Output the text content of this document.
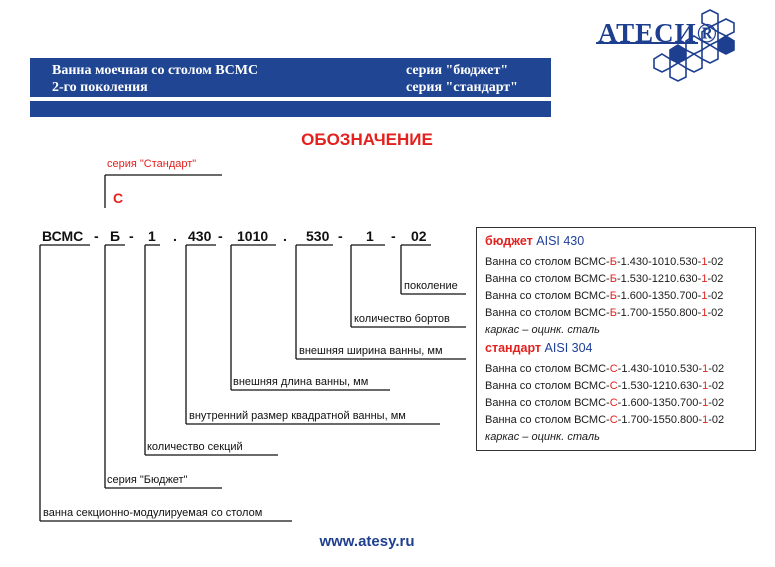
АТЕСИ®
Ванна моечная со столом ВСМС
2-го поколения
серия "бюджет"
серия "стандарт"
ОБОЗНАЧЕНИЕ
серия "Стандарт"
С
ВСМС - Б - 1 . 430 - 1010 . 530 - 1 - 02
поколение
количество бортов
внешняя ширина ванны, мм
внешняя длина ванны, мм
внутренний размер квадратной ванны, мм
количество секций
серия "Бюджет"
ванна секционно-модулируемая со столом
бюджет AISI 430
Ванна со столом ВСМС-Б-1.430-1010.530-1-02
Ванна со столом ВСМС-Б-1.530-1210.630-1-02
Ванна со столом ВСМС-Б-1.600-1350.700-1-02
Ванна со столом ВСМС-Б-1.700-1550.800-1-02
каркас – оцинк. сталь
стандарт AISI 304
Ванна со столом ВСМС-С-1.430-1010.530-1-02
Ванна со столом ВСМС-С-1.530-1210.630-1-02
Ванна со столом ВСМС-С-1.600-1350.700-1-02
Ванна со столом ВСМС-С-1.700-1550.800-1-02
каркас – оцинк. сталь
www.atesy.ru
